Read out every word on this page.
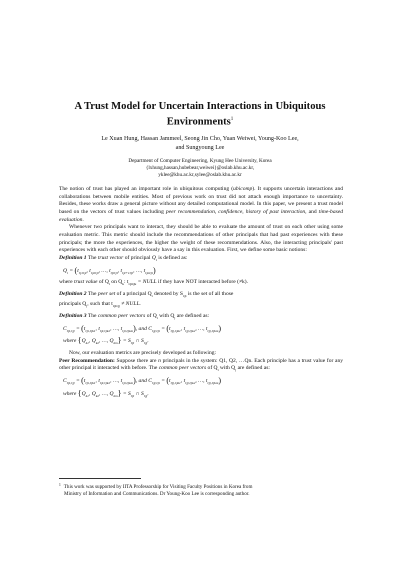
A Trust Model for Uncertain Interactions in Ubiquitous
Environments$^1$
Le Xuan Hung, Hassan Jammeel, Seong Jin Cho, Yuan Weiwei, Young-Koo Lee,
and Sungyoung Lee
Department of Computer Engineering, Kyung Hee University, Korea
{lxhung,hassan,hubebear,weiwei}@oslab.khu.ac.kr,
yklee@khu.ac.kr,sylee@oslab.khu.ac.kr

The notion of trust has played an important role in ubiquitous computing (ubicomp). It supports uncertain interactions and collaborations between mobile entities. Most of previous work on trust did not attach enough importance to uncertainty. Besides, these works draw a general picture without any detailed computational model. In this paper, we present a trust model based on the vectors of trust values including peer recommendation, confidence, history of past interaction, and time-based evaluation.

Whenever two principals want to interact, they should be able to evaluate the amount of trust on each other using some evaluation metric. This metric should include the recommendations of other principals that had past experiences with these principals; the more the experiences, the higher the weight of these recommendations. Also, the interacting principals' past experiences with each other should obviously have a say in this evaluation. First, we define some basic notions:

Definition 1 The trust vector of principal $Q_i$ is defined as:

$Q_i = (t_{Q1Qi}$, $t_{Q2Qi}$, …, $t_{QiQi}$, $t_{Qi+1Qi}$, …, $t_{QnQi}$)

where trust value of $Q_i$ on $Q_k$: $t_{QiQk}$ = NULL if they have NOT interacted before (≠k).

Definition 2 The peer set of a principal $Q_i$ denoted by $S_{Qi}$ is the set of all those
principals $Q_j$, such that $t_{QiQj}$ ≠ NULL.

Definition 3 The common peer vectors of $Q_i$ with $Q_j$ are defined as:

$C_{Qi,Qj} = (t_{Qi,Qk1}$, $t_{Qi,Qk2}$, …, $t_{Qi,Qkm}$), and $C_{Qj,Qi} = (t_{Qj,Qk1}$, $t_{Qj,Qk2}$, …, $t_{Qj,Qkm}$)
where {$Q_{k1}$, $Q_{k2}$, …, $Q_{km}\} = S_{Qi}$ ∩ $S_{Qj}$.

Now, our evaluation metrics are precisely developed as following:

Peer Recommendation: Suppose there are n principals in the system: Q1, Q2, …Qn. Each principle has a trust value for any other principal it interacted with before. The common peer vectors of $Q_i$ with $Q_j$ are defined as:

$C_{Qi,Qj} = (t_{Qi,Qk1}$, $t_{Qi,Qk2}$, …, $t_{Qi,Qkm}$), and $C_{Qj,Qi} = (t_{Qj,Qk1}$, $t_{Qj,Qk2}$, …, $t_{Qj,Qkm}$)
where {$Q_{k1}$, $Q_{k2}$, …, $Q_{km}\} = S_{Qi}$ ∩ $S_{Qj}$.
$^1$ This work was supported by IITA Professorship for Visiting Faculty Positions in Korea from
Ministry of Information and Communications. Dr Young-Koo Lee is corresponding author.
